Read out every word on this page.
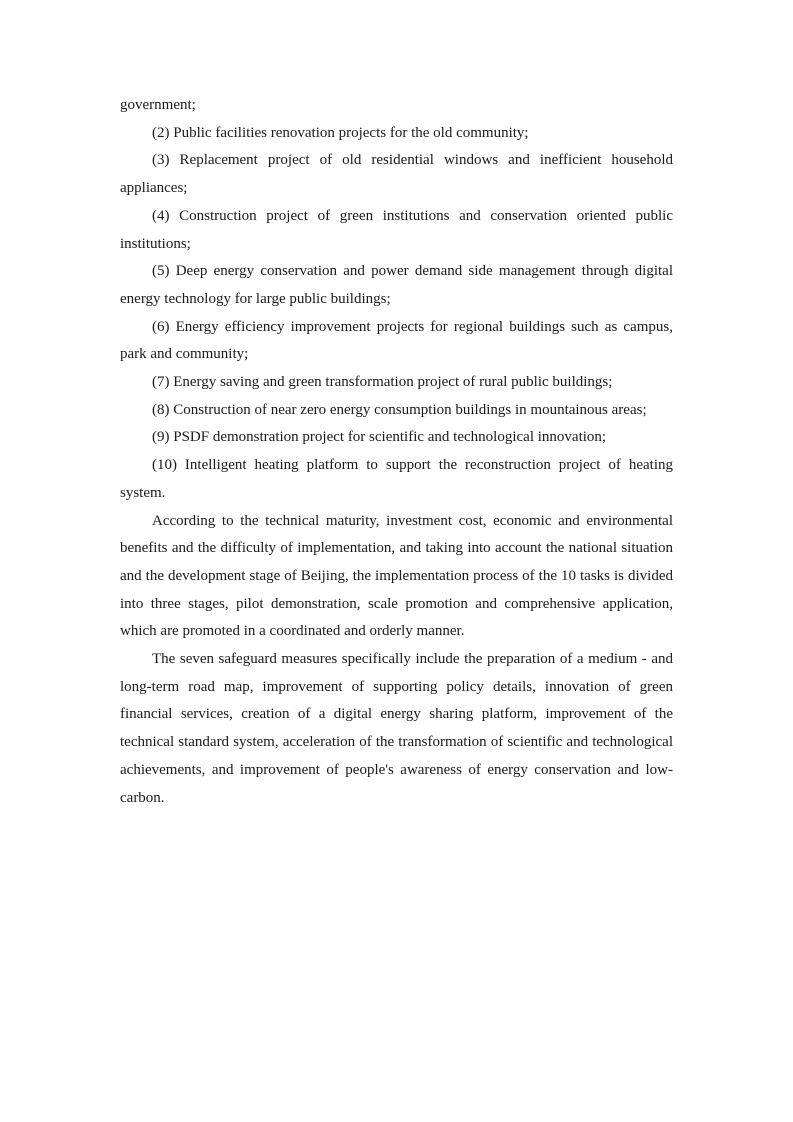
government;

(2) Public facilities renovation projects for the old community;

(3) Replacement project of old residential windows and inefficient household appliances;

(4) Construction project of green institutions and conservation oriented public institutions;

(5) Deep energy conservation and power demand side management through digital energy technology for large public buildings;

(6) Energy efficiency improvement projects for regional buildings such as campus, park and community;

(7) Energy saving and green transformation project of rural public buildings;

(8) Construction of near zero energy consumption buildings in mountainous areas;

(9) PSDF demonstration project for scientific and technological innovation;

(10) Intelligent heating platform to support the reconstruction project of heating system.

According to the technical maturity, investment cost, economic and environmental benefits and the difficulty of implementation, and taking into account the national situation and the development stage of Beijing, the implementation process of the 10 tasks is divided into three stages, pilot demonstration, scale promotion and comprehensive application, which are promoted in a coordinated and orderly manner.

The seven safeguard measures specifically include the preparation of a medium - and long-term road map, improvement of supporting policy details, innovation of green financial services, creation of a digital energy sharing platform, improvement of the technical standard system, acceleration of the transformation of scientific and technological achievements, and improvement of people's awareness of energy conservation and low-carbon.
